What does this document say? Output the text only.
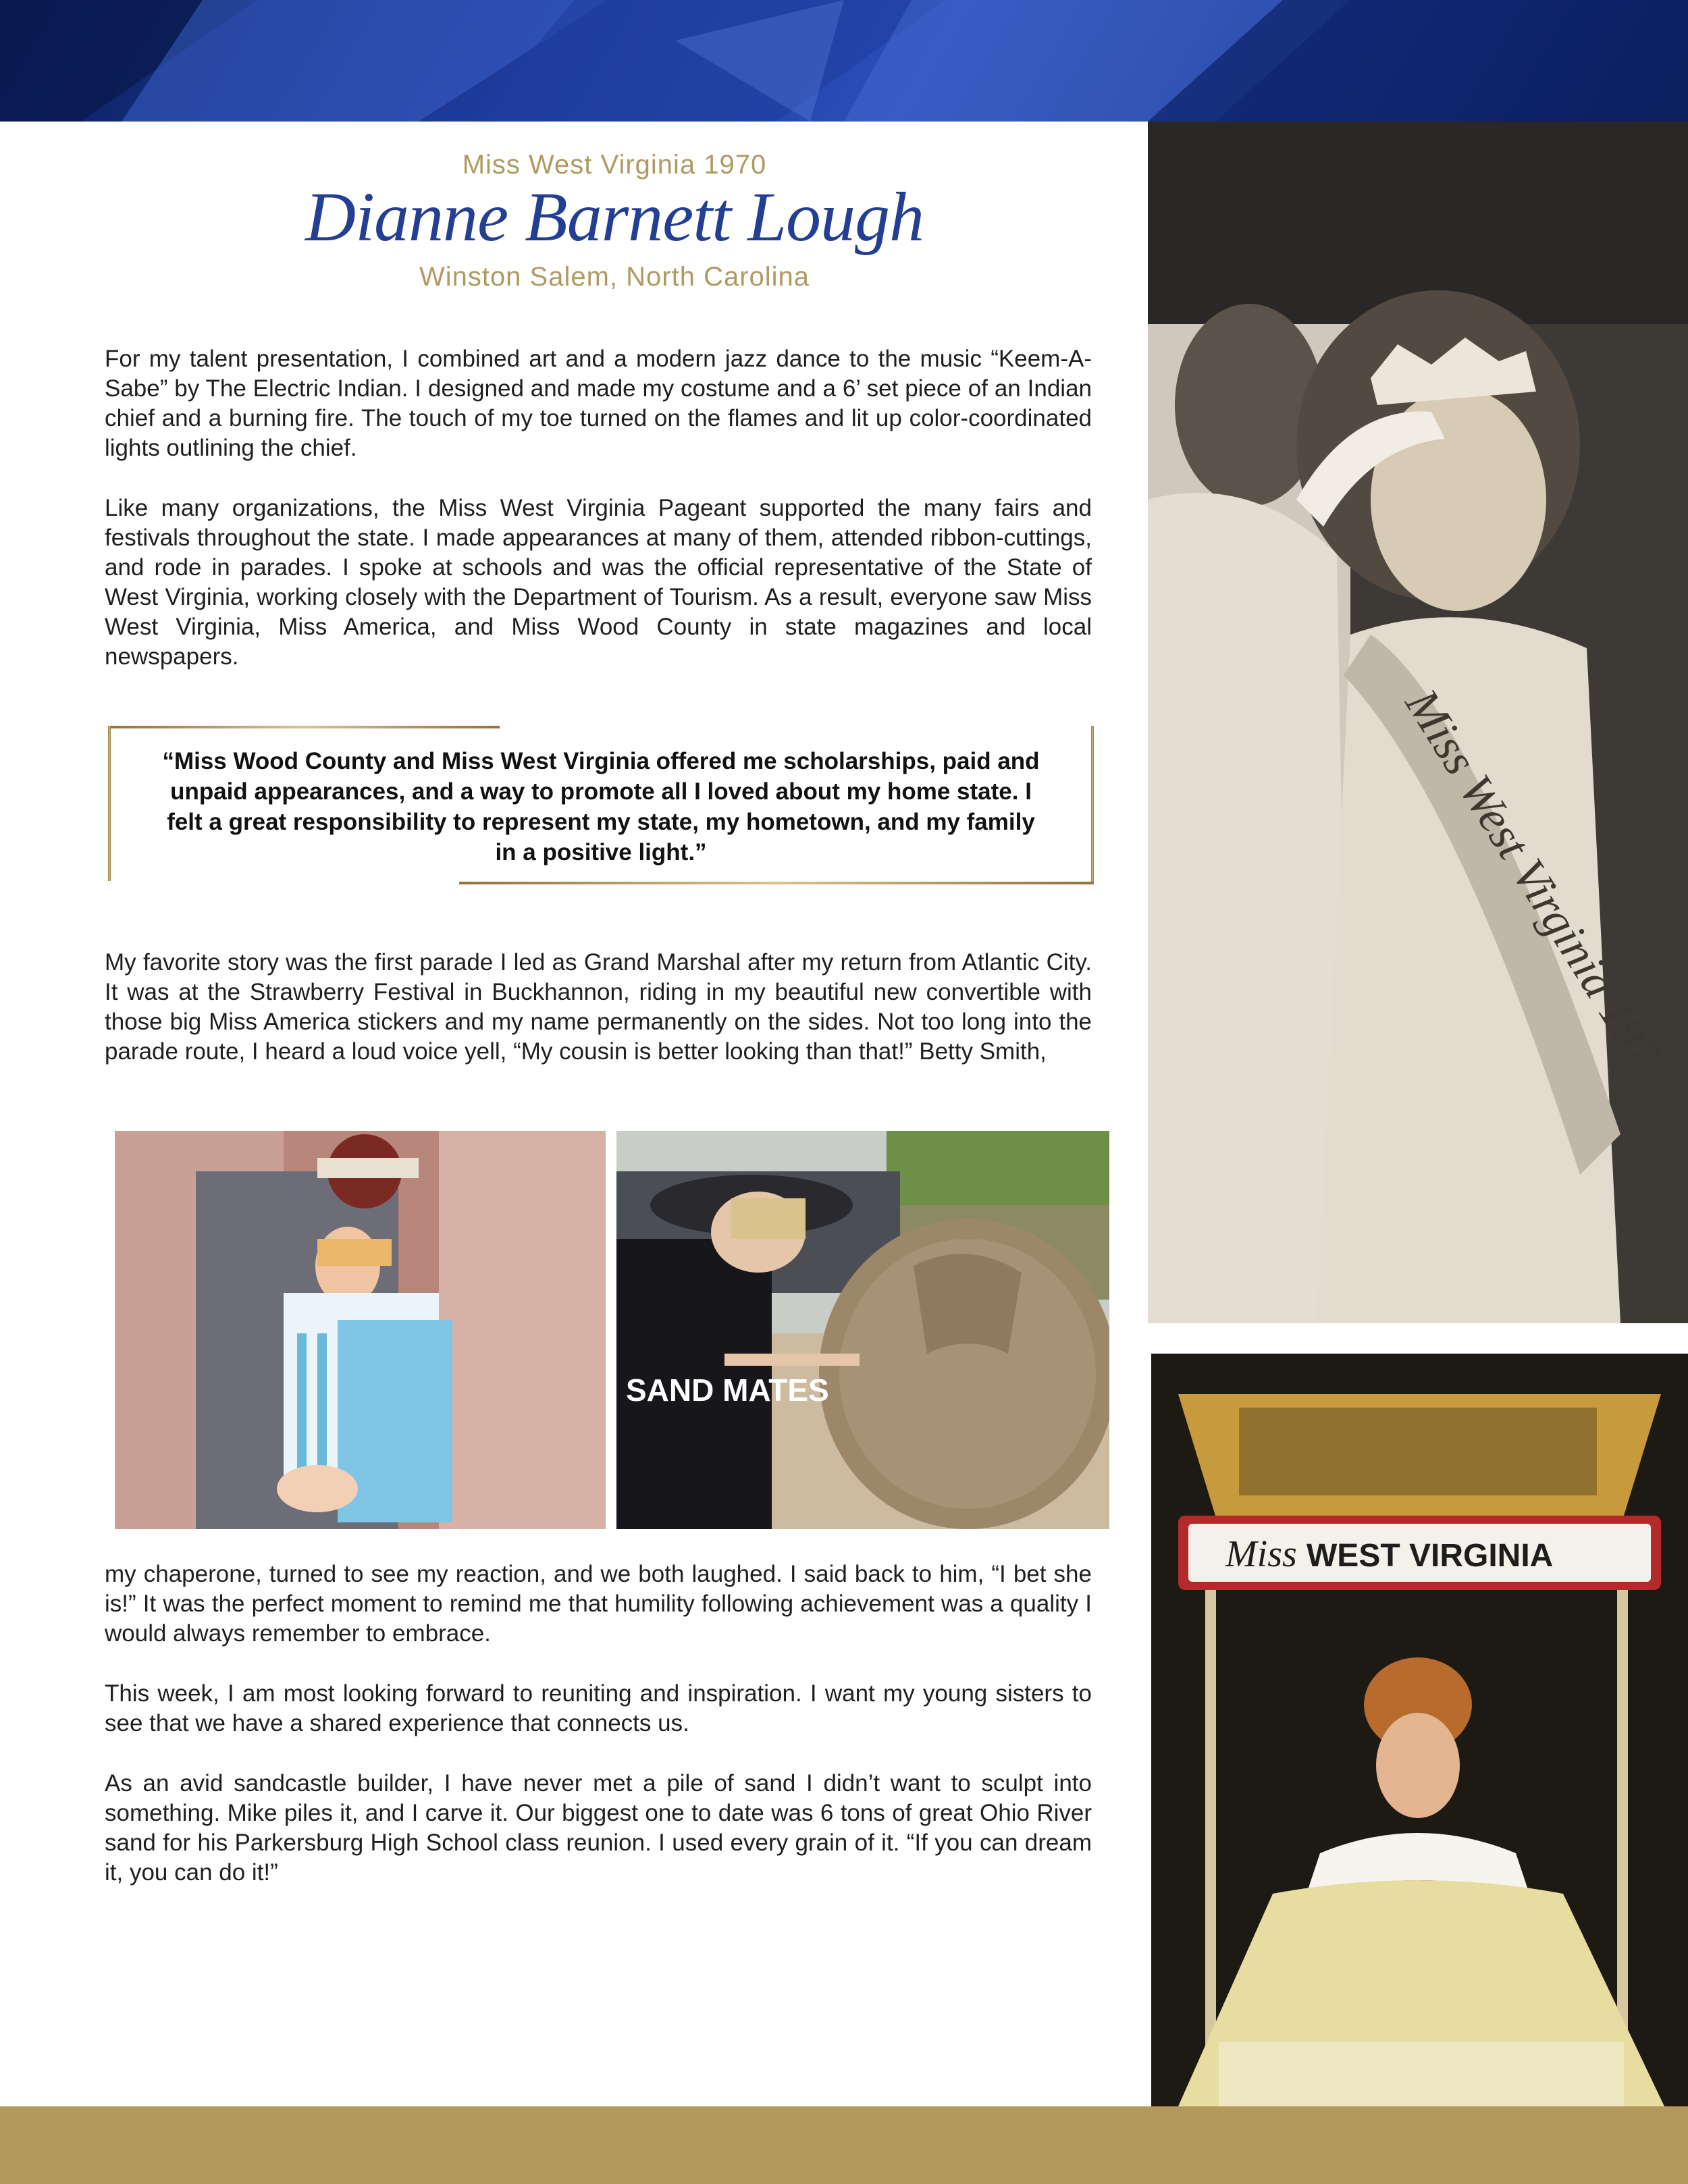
Miss West Virginia 1970
Dianne Barnett Lough
Winston Salem, North Carolina

For my talent presentation, I combined art and a modern jazz dance to the music “Keem-A-Sabe” by The Electric Indian. I designed and made my costume and a 6’ set piece of an Indian chief and a burning fire. The touch of my toe turned on the flames and lit up color-coordinated lights outlining the chief.

Like many organizations, the Miss West Virginia Pageant supported the many fairs and festivals throughout the state. I made appearances at many of them, attended ribbon-cuttings, and rode in parades. I spoke at schools and was the official representative of the State of West Virginia, working closely with the Department of Tourism. As a result, everyone saw Miss West Virginia, Miss America, and Miss Wood County in state magazines and local newspapers.

“Miss Wood County and Miss West Virginia offered me scholarships, paid and unpaid appearances, and a way to promote all I loved about my home state. I felt a great responsibility to represent my state, my hometown, and my family in a positive light.”

My favorite story was the first parade I led as Grand Marshal after my return from Atlantic City. It was at the Strawberry Festival in Buckhannon, riding in my beautiful new convertible with those big Miss America stickers and my name permanently on the sides. Not too long into the parade route, I heard a loud voice yell, “My cousin is better looking than that!” Betty Smith,

SAND MATES

my chaperone, turned to see my reaction, and we both laughed. I said back to him, “I bet she is!” It was the perfect moment to remind me that humility following achievement was a quality I would always remember to embrace.

This week, I am most looking forward to reuniting and inspiration. I want my young sisters to see that we have a shared experience that connects us.

As an avid sandcastle builder, I have never met a pile of sand I didn’t want to sculpt into something. Mike piles it, and I carve it. Our biggest one to date was 6 tons of great Ohio River sand for his Parkersburg High School class reunion. I used every grain of it. “If you can dream it, you can do it!”

Miss West Virginia 197
Miss WEST VIRGINIA
